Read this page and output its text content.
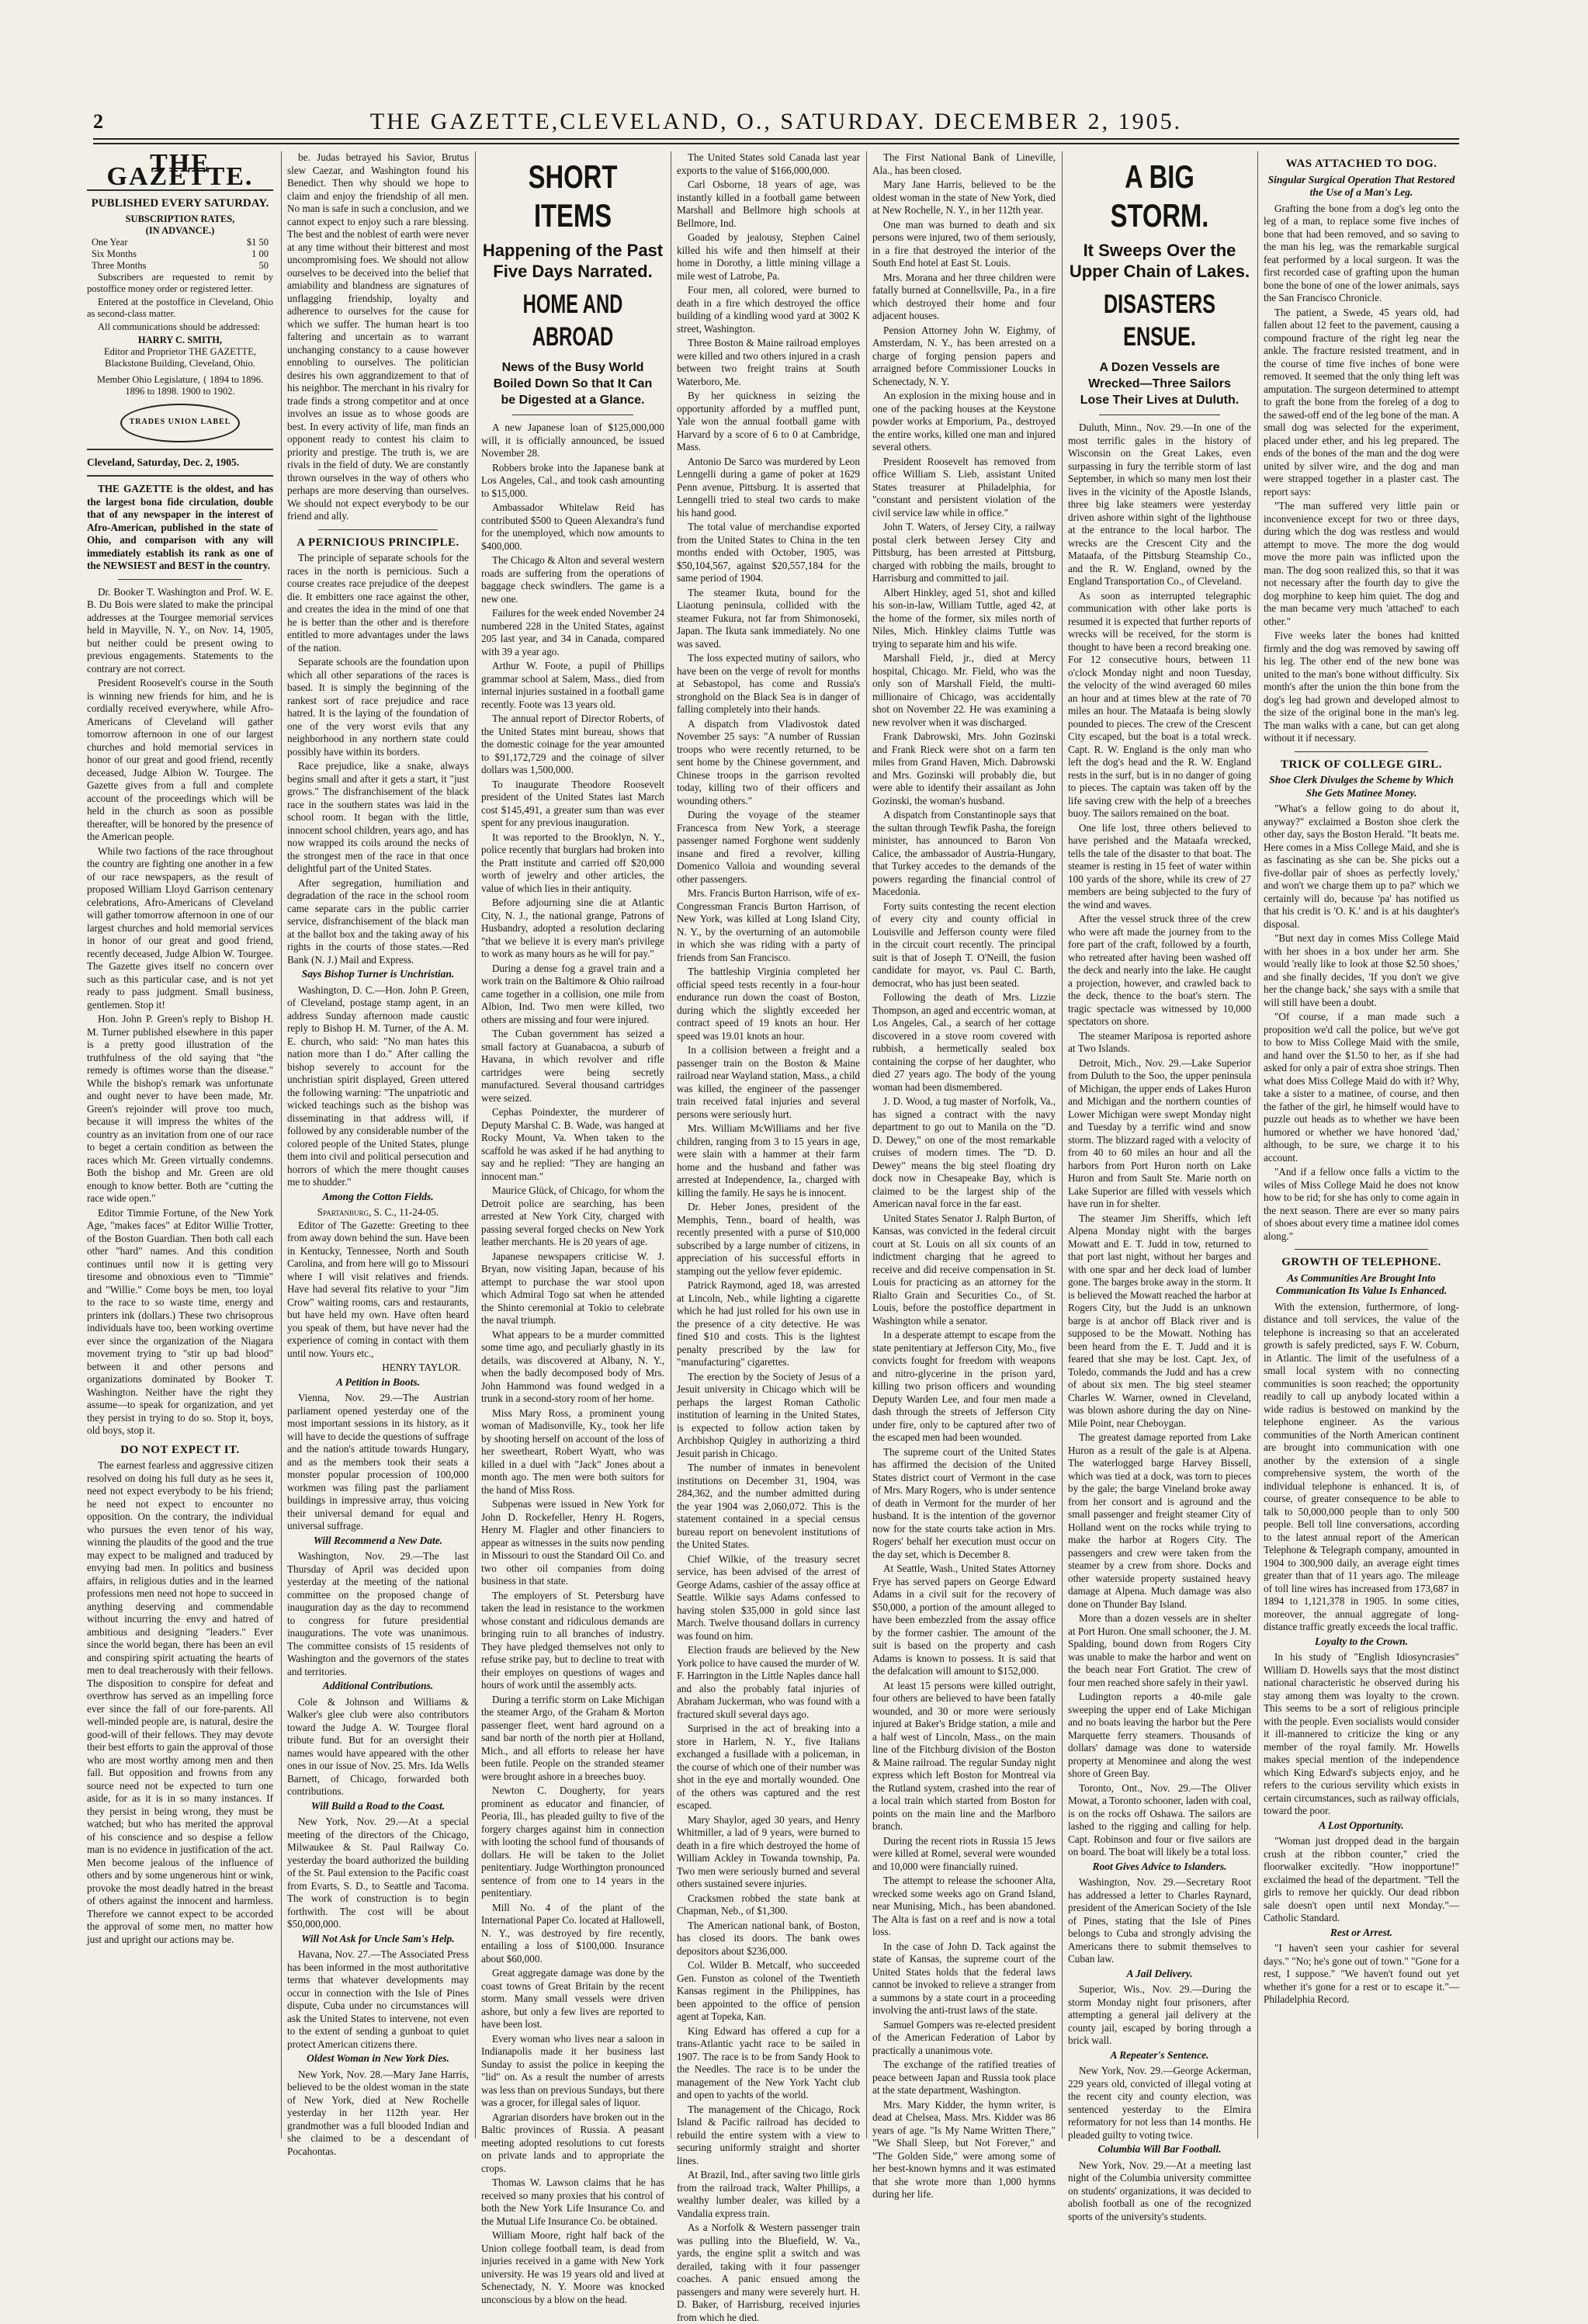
2	THE GAZETTE,CLEVELAND, O., SATURDAY. DECEMBER 2, 1905.
THE GAZETTE.
PUBLISHED EVERY SATURDAY.
SUBSCRIPTION RATES,
(IN ADVANCE.)
One Year	$1 50
Six Months	1 00
Three Months	50

Subscribers are requested to remit by postoffice money order or registered letter.

Entered at the postoffice in Cleveland, Ohio as second-class matter.

All communications should be addressed:

HARRY C. SMITH,
Editor and Proprietor THE GAZETTE,
Blackstone Building, Cleveland, Ohio.
Member Ohio Legislature, { 1894 to 1896. 1896 to 1898. 1900 to 1902.
TRADES UNION LABEL
Cleveland, Saturday, Dec. 2, 1905.

THE GAZETTE is the oldest, and has the largest bona fide circulation, double that of any newspaper in the interest of Afro-American, published in the state of Ohio, and comparison with any will immediately establish its rank as one of the NEWSIEST and BEST in the country.

Dr. Booker T. Washington and Prof. W. E. B. Du Bois were slated to make the principal addresses at the Tourgee memorial services held in Mayville, N. Y., on Nov. 14, 1905, but neither could be present owing to previous engagements. Statements to the contrary are not correct.

President Roosevelt's course in the South is winning new friends for him, and he is cordially received everywhere, while Afro-Americans of Cleveland will gather tomorrow afternoon in one of our largest churches and hold memorial services in honor of our great and good friend, recently deceased, Judge Albion W. Tourgee. The Gazette gives from a full and complete account of the proceedings which will be held in the church as soon as possible thereafter, will be honored by the presence of the American people.

While two factions of the race throughout the country are fighting one another in a few of our race newspapers, as the result of proposed William Lloyd Garrison centenary celebrations, Afro-Americans of Cleveland will gather tomorrow afternoon in one of our largest churches and hold memorial services in honor of our great and good friend, recently deceased, Judge Albion W. Tourgee. The Gazette gives itself no concern over such as this particular case, and is not yet ready to pass judgment. Small business, gentlemen. Stop it!

Hon. John P. Green's reply to Bishop H. M. Turner published elsewhere in this paper is a pretty good illustration of the truthfulness of the old saying that "the remedy is oftimes worse than the disease." While the bishop's remark was unfortunate and ought never to have been made, Mr. Green's rejoinder will prove too much, because it will impress the whites of the country as an invitation from one of our race to beget a certain condition as between the races which Mr. Green virtually condemns. Both the bishop and Mr. Green are old enough to know better. Both are "cutting the race wide open."

Editor Timmie Fortune, of the New York Age, "makes faces" at Editor Willie Trotter, of the Boston Guardian. Then both call each other "hard" names. And this condition continues until now it is getting very tiresome and obnoxious even to "Timmie" and "Willie." Come boys be men, too loyal to the race to so waste time, energy and printers ink (dollars.) These two chrisoprous individuals have too, been working overtime ever since the organization of the Niagara movement trying to "stir up bad blood" between it and other persons and organizations dominated by Booker T. Washington. Neither have the right they assume—to speak for organization, and yet they persist in trying to do so. Stop it, boys, old boys, stop it.

DO NOT EXPECT IT.

The earnest fearless and aggressive citizen resolved on doing his full duty as he sees it, need not expect everybody to be his friend; he need not expect to encounter no opposition. On the contrary, the individual who pursues the even tenor of his way, winning the plaudits of the good and the true may expect to be maligned and traduced by envying bad men. In politics and business affairs, in religious duties and in the learned professions men need not hope to succeed in anything deserving and commendable without incurring the envy and hatred of ambitious and designing "leaders." Ever since the world began, there has been an evil and conspiring spirit actuating the hearts of men to deal treacherously with their fellows. The disposition to conspire for defeat and overthrow has served as an impelling force ever since the fall of our fore-parents. All well-minded people are, is natural, desire the good-will of their fellows. They may devote their best efforts to gain the approval of those who are most worthy among men and then fall. But opposition and frowns from any source need not be expected to turn one aside, for as it is in so many instances. If they persist in being wrong, they must be watched; but who has merited the approval of his conscience and so despise a fellow man is no evidence in justification of the act. Men become jealous of the influence of others and by some ungenerous hint or wink, provoke the most deadly hatred in the breast of others against the innocent and harmless. Therefore we cannot expect to be accorded the approval of some men, no matter how just and upright our actions may be.

be. Judas betrayed his Savior, Brutus slew Caezar, and Washington found his Benedict. Then why should we hope to claim and enjoy the friendship of all men. No man is safe in such a conclusion, and we cannot expect to enjoy such a rare blessing. The best and the noblest of earth were never at any time without their bitterest and most uncompromising foes. We should not allow ourselves to be deceived into the belief that amiability and blandness are signatures of unflagging friendship, loyalty and adherence to ourselves for the cause for which we suffer. The human heart is too faltering and uncertain as to warrant unchanging constancy to a cause however ennobling to ourselves. The politician desires his own aggrandizement to that of his neighbor. The merchant in his rivalry for trade finds a strong competitor and at once involves an issue as to whose goods are best. In every activity of life, man finds an opponent ready to contest his claim to priority and prestige. The truth is, we are rivals in the field of duty. We are constantly thrown ourselves in the way of others who perhaps are more deserving than ourselves. We should not expect everybody to be our friend and ally.

A PERNICIOUS PRINCIPLE.

The principle of separate schools for the races in the north is pernicious. Such a course creates race prejudice of the deepest die. It embitters one race against the other, and creates the idea in the mind of one that he is better than the other and is therefore entitled to more advantages under the laws of the nation.

Separate schools are the foundation upon which all other separations of the races is based. It is simply the beginning of the rankest sort of race prejudice and race hatred. It is the laying of the foundation of one of the very worst evils that any neighborhood in any northern state could possibly have within its borders.

Race prejudice, like a snake, always begins small and after it gets a start, it "just grows." The disfranchisement of the black race in the southern states was laid in the school room. It began with the little, innocent school children, years ago, and has now wrapped its coils around the necks of the strongest men of the race in that once delightful part of the United States.

After segregation, humiliation and degradation of the race in the school room came separate cars in the public carrier service, disfranchisement of the black man at the ballot box and the taking away of his rights in the courts of those states.—Red Bank (N. J.) Mail and Express.

Says Bishop Turner is Unchristian.

Washington, D. C.—Hon. John P. Green, of Cleveland, postage stamp agent, in an address Sunday afternoon made caustic reply to Bishop H. M. Turner, of the A. M. E. church, who said: "No man hates this nation more than I do." After calling the bishop severely to account for the unchristian spirit displayed, Green uttered the following warning: "The unpatriotic and wicked teachings such as the bishop was disseminating in that address will, if followed by any considerable number of the colored people of the United States, plunge them into civil and political persecution and horrors of which the mere thought causes me to shudder."

Among the Cotton Fields.
Spartanburg, S. C., 11-24-05.

Editor of The Gazette: Greeting to thee from away down behind the sun. Have been in Kentucky, Tennessee, North and South Carolina, and from here will go to Missouri where I will visit relatives and friends. Have had several fits relative to your "Jim Crow" waiting rooms, cars and restaurants, but have held my own. Have often heard you speak of them, but have never had the experience of coming in contact with them until now. Yours etc.,

HENRY TAYLOR.
A Petition in Boots.

Vienna, Nov. 29.—The Austrian parliament opened yesterday one of the most important sessions in its history, as it will have to decide the questions of suffrage and the nation's attitude towards Hungary, and as the members took their seats a monster popular procession of 100,000 workmen was filing past the parliament buildings in impressive array, thus voicing their universal demand for equal and universal suffrage.

Will Recommend a New Date.

Washington, Nov. 29.—The last Thursday of April was decided upon yesterday at the meeting of the national committee on the proposed change of inauguration day as the day to recommend to congress for future presidential inaugurations. The vote was unanimous. The committee consists of 15 residents of Washington and the governors of the states and territories.

Additional Contributions.

Cole & Johnson and Williams & Walker's glee club were also contributors toward the Judge A. W. Tourgee floral tribute fund. But for an oversight their names would have appeared with the other ones in our issue of Nov. 25. Mrs. Ida Wells Barnett, of Chicago, forwarded both contributions.

Will Build a Road to the Coast.

New York, Nov. 29.—At a special meeting of the directors of the Chicago, Milwaukee & St. Paul Railway Co. yesterday the board authorized the building of the St. Paul extension to the Pacific coast from Evarts, S. D., to Seattle and Tacoma. The work of construction is to begin forthwith. The cost will be about $50,000,000.

Will Not Ask for Uncle Sam's Help.

Havana, Nov. 27.—The Associated Press has been informed in the most authoritative terms that whatever developments may occur in connection with the Isle of Pines dispute, Cuba under no circumstances will ask the United States to intervene, not even to the extent of sending a gunboat to quiet protect American citizens there.

Oldest Woman in New York Dies.

New York, Nov. 28.—Mary Jane Harris, believed to be the oldest woman in the state of New York, died at New Rochelle yesterday in her 112th year. Her grandmother was a full blooded Indian and she claimed to be a descendant of Pocahontas.

SHORT ITEMS
Happening of the Past Five Days Narrated.
HOME AND ABROAD
News of the Busy World Boiled Down So that It Can be Digested at a Glance.

A new Japanese loan of $125,000,000 will, it is officially announced, be issued November 28.

Robbers broke into the Japanese bank at Los Angeles, Cal., and took cash amounting to $15,000.

Ambassador Whitelaw Reid has contributed $500 to Queen Alexandra's fund for the unemployed, which now amounts to $400,000.

The Chicago & Alton and several western roads are suffering from the operations of baggage check swindlers. The game is a new one.

Failures for the week ended November 24 numbered 228 in the United States, against 205 last year, and 34 in Canada, compared with 39 a year ago.

Arthur W. Foote, a pupil of Phillips grammar school at Salem, Mass., died from internal injuries sustained in a football game recently. Foote was 13 years old.

The annual report of Director Roberts, of the United States mint bureau, shows that the domestic coinage for the year amounted to $91,172,729 and the coinage of silver dollars was 1,500,000.

To inaugurate Theodore Roosevelt president of the United States last March cost $145,491, a greater sum than was ever spent for any previous inauguration.

It was reported to the Brooklyn, N. Y., police recently that burglars had broken into the Pratt institute and carried off $20,000 worth of jewelry and other articles, the value of which lies in their antiquity.

Before adjourning sine die at Atlantic City, N. J., the national grange, Patrons of Husbandry, adopted a resolution declaring "that we believe it is every man's privilege to work as many hours as he will for pay."

During a dense fog a gravel train and a work train on the Baltimore & Ohio railroad came together in a collision, one mile from Albion, Ind. Two men were killed, two others are missing and four were injured.

The Cuban government has seized a small factory at Guanabacoa, a suburb of Havana, in which revolver and rifle cartridges were being secretly manufactured. Several thousand cartridges were seized.

Cephas Poindexter, the murderer of Deputy Marshal C. B. Wade, was hanged at Rocky Mount, Va. When taken to the scaffold he was asked if he had anything to say and he replied: "They are hanging an innocent man."

Maurice Glück, of Chicago, for whom the Detroit police are searching, has been arrested at New York City, charged with passing several forged checks on New York leather merchants. He is 20 years of age.

Japanese newspapers criticise W. J. Bryan, now visiting Japan, because of his attempt to purchase the war stool upon which Admiral Togo sat when he attended the Shinto ceremonial at Tokio to celebrate the naval triumph.

What appears to be a murder committed some time ago, and peculiarly ghastly in its details, was discovered at Albany, N. Y., when the badly decomposed body of Mrs. John Hammond was found wedged in a trunk in a second-story room of her home.

Miss Mary Ross, a prominent young woman of Madisonville, Ky., took her life by shooting herself on account of the loss of her sweetheart, Robert Wyatt, who was killed in a duel with "Jack" Jones about a month ago. The men were both suitors for the hand of Miss Ross.

Subpenas were issued in New York for John D. Rockefeller, Henry H. Rogers, Henry M. Flagler and other financiers to appear as witnesses in the suits now pending in Missouri to oust the Standard Oil Co. and two other oil companies from doing business in that state.

The employers of St. Petersburg have taken the lead in resistance to the workmen whose constant and ridiculous demands are bringing ruin to all branches of industry. They have pledged themselves not only to refuse strike pay, but to decline to treat with their employes on questions of wages and hours of work until the assembly acts.

During a terrific storm on Lake Michigan the steamer Argo, of the Graham & Morton passenger fleet, went hard aground on a sand bar north of the north pier at Holland, Mich., and all efforts to release her have been futile. People on the stranded steamer were brought ashore in a breeches buoy.

Newton C. Dougherty, for years prominent as educator and financier, of Peoria, Ill., has pleaded guilty to five of the forgery charges against him in connection with looting the school fund of thousands of dollars. He will be taken to the Joliet penitentiary. Judge Worthington pronounced sentence of from one to 14 years in the penitentiary.

Mill No. 4 of the plant of the International Paper Co. located at Hallowell, N. Y., was destroyed by fire recently, entailing a loss of $100,000. Insurance about $60,000.

Great aggregate damage was done by the coast towns of Great Britain by the recent storm. Many small vessels were driven ashore, but only a few lives are reported to have been lost.

Every woman who lives near a saloon in Indianapolis made it her business last Sunday to assist the police in keeping the "lid" on. As a result the number of arrests was less than on previous Sundays, but there was a grocer, for illegal sales of liquor.

Agrarian disorders have broken out in the Baltic provinces of Russia. A peasant meeting adopted resolutions to cut forests on private lands and to appropriate the crops.

Thomas W. Lawson claims that he has received so many proxies that his control of both the New York Life Insurance Co. and the Mutual Life Insurance Co. be obtained.

William Moore, right half back of the Union college football team, is dead from injuries received in a game with New York university. He was 19 years old and lived at Schenectady, N. Y. Moore was knocked unconscious by a blow on the head.

The United States sold Canada last year exports to the value of $166,000,000.

Carl Osborne, 18 years of age, was instantly killed in a football game between Marshall and Bellmore high schools at Bellmore, Ind.

Goaded by jealousy, Stephen Cainel killed his wife and then himself at their home in Dorothy, a little mining village a mile west of Latrobe, Pa.

Four men, all colored, were burned to death in a fire which destroyed the office building of a kindling wood yard at 3002 K street, Washington.

Three Boston & Maine railroad employes were killed and two others injured in a crash between two freight trains at South Waterboro, Me.

By her quickness in seizing the opportunity afforded by a muffled punt, Yale won the annual football game with Harvard by a score of 6 to 0 at Cambridge, Mass.

Antonio De Sarco was murdered by Leon Lenngelli during a game of poker at 1629 Penn avenue, Pittsburg. It is asserted that Lenngelli tried to steal two cards to make his hand good.

The total value of merchandise exported from the United States to China in the ten months ended with October, 1905, was $50,104,567, against $20,557,184 for the same period of 1904.

The steamer Ikuta, bound for the Liaotung peninsula, collided with the steamer Fukura, not far from Shimonoseki, Japan. The Ikuta sank immediately. No one was saved.

The loss expected mutiny of sailors, who have been on the verge of revolt for months at Sebastopol, has come and Russia's stronghold on the Black Sea is in danger of falling completely into their hands.

A dispatch from Vladivostok dated November 25 says: "A number of Russian troops who were recently returned, to be sent home by the Chinese government, and Chinese troops in the garrison revolted today, killing two of their officers and wounding others."

During the voyage of the steamer Francesca from New York, a steerage passenger named Forghone went suddenly insane and fired a revolver, killing Domenico Valloia and wounding several other passengers.

Mrs. Francis Burton Harrison, wife of ex-Congressman Francis Burton Harrison, of New York, was killed at Long Island City, N. Y., by the overturning of an automobile in which she was riding with a party of friends from San Francisco.

The battleship Virginia completed her official speed tests recently in a four-hour endurance run down the coast of Boston, during which the slightly exceeded her contract speed of 19 knots an hour. Her speed was 19.01 knots an hour.

In a collision between a freight and a passenger train on the Boston & Maine railroad near Wayland station, Mass., a child was killed, the engineer of the passenger train received fatal injuries and several persons were seriously hurt.

Mrs. William McWilliams and her five children, ranging from 3 to 15 years in age, were slain with a hammer at their farm home and the husband and father was arrested at Independence, Ia., charged with killing the family. He says he is innocent.

Dr. Heber Jones, president of the Memphis, Tenn., board of health, was recently presented with a purse of $10,000 subscribed by a large number of citizens, in appreciation of his successful efforts in stamping out the yellow fever epidemic.

Patrick Raymond, aged 18, was arrested at Lincoln, Neb., while lighting a cigarette which he had just rolled for his own use in the presence of a city detective. He was fined $10 and costs. This is the lightest penalty prescribed by the law for "manufacturing" cigarettes.

The erection by the Society of Jesus of a Jesuit university in Chicago which will be perhaps the largest Roman Catholic institution of learning in the United States, is expected to follow action taken by Archbishop Quigley in authorizing a third Jesuit parish in Chicago.

The number of inmates in benevolent institutions on December 31, 1904, was 284,362, and the number admitted during the year 1904 was 2,060,072. This is the statement contained in a special census bureau report on benevolent institutions of the United States.

Chief Wilkie, of the treasury secret service, has been advised of the arrest of George Adams, cashier of the assay office at Seattle. Wilkie says Adams confessed to having stolen $35,000 in gold since last March. Twelve thousand dollars in currency was found on him.

Election frauds are believed by the New York police to have caused the murder of W. F. Harrington in the Little Naples dance hall and also the probably fatal injuries of Abraham Juckerman, who was found with a fractured skull several days ago.

Surprised in the act of breaking into a store in Harlem, N. Y., five Italians exchanged a fusillade with a policeman, in the course of which one of their number was shot in the eye and mortally wounded. One of the others was captured and the rest escaped.

Mary Shaylor, aged 30 years, and Henry Whitmiller, a lad of 9 years, were burned to death in a fire which destroyed the home of William Ackley in Towanda township, Pa. Two men were seriously burned and several others sustained severe injuries.

Cracksmen robbed the state bank at Chapman, Neb., of $1,300.

The American national bank, of Boston, has closed its doors. The bank owes depositors about $236,000.

Col. Wilder B. Metcalf, who succeeded Gen. Funston as colonel of the Twentieth Kansas regiment in the Philippines, has been appointed to the office of pension agent at Topeka, Kan.

King Edward has offered a cup for a trans-Atlantic yacht race to be sailed in 1907. The race is to be from Sandy Hook to the Needles. The race is to be under the management of the New York Yacht club and open to yachts of the world.

The management of the Chicago, Rock Island & Pacific railroad has decided to rebuild the entire system with a view to securing uniformly straight and shorter lines.

At Brazil, Ind., after saving two little girls from the railroad track, Walter Phillips, a wealthy lumber dealer, was killed by a Vandalia express train.

As a Norfolk & Western passenger train was pulling into the Bluefield, W. Va., yards, the engine split a switch and was derailed, taking with it four passenger coaches. A panic ensued among the passengers and many were severely hurt. H. D. Baker, of Harrisburg, received injuries from which he died.

The First National Bank of Lineville, Ala., has been closed.

Mary Jane Harris, believed to be the oldest woman in the state of New York, died at New Rochelle, N. Y., in her 112th year.

One man was burned to death and six persons were injured, two of them seriously, in a fire that destroyed the interior of the South End hotel at East St. Louis.

Mrs. Morana and her three children were fatally burned at Connellsville, Pa., in a fire which destroyed their home and four adjacent houses.

Pension Attorney John W. Eighmy, of Amsterdam, N. Y., has been arrested on a charge of forging pension papers and arraigned before Commissioner Loucks in Schenectady, N. Y.

An explosion in the mixing house and in one of the packing houses at the Keystone powder works at Emporium, Pa., destroyed the entire works, killed one man and injured several others.

President Roosevelt has removed from office William S. Lieb, assistant United States treasurer at Philadelphia, for "constant and persistent violation of the civil service law while in office."

John T. Waters, of Jersey City, a railway postal clerk between Jersey City and Pittsburg, has been arrested at Pittsburg, charged with robbing the mails, brought to Harrisburg and committed to jail.

Albert Hinkley, aged 51, shot and killed his son-in-law, William Tuttle, aged 42, at the home of the former, six miles north of Niles, Mich. Hinkley claims Tuttle was trying to separate him and his wife.

Marshall Field, jr., died at Mercy hospital, Chicago. Mr. Field, who was the only son of Marshall Field, the multi-millionaire of Chicago, was accidentally shot on November 22. He was examining a new revolver when it was discharged.

Frank Dabrowski, Mrs. John Gozinski and Frank Rieck were shot on a farm ten miles from Grand Haven, Mich. Dabrowski and Mrs. Gozinski will probably die, but were able to identify their assailant as John Gozinski, the woman's husband.

A dispatch from Constantinople says that the sultan through Tewfik Pasha, the foreign minister, has announced to Baron Von Calice, the ambassador of Austria-Hungary, that Turkey accedes to the demands of the powers regarding the financial control of Macedonia.

Forty suits contesting the recent election of every city and county official in Louisville and Jefferson county were filed in the circuit court recently. The principal suit is that of Joseph T. O'Neill, the fusion candidate for mayor, vs. Paul C. Barth, democrat, who has just been seated.

Following the death of Mrs. Lizzie Thompson, an aged and eccentric woman, at Los Angeles, Cal., a search of her cottage discovered in a stove room covered with rubbish, a hermetically sealed box containing the corpse of her daughter, who died 27 years ago. The body of the young woman had been dismembered.

J. D. Wood, a tug master of Norfolk, Va., has signed a contract with the navy department to go out to Manila on the "D. D. Dewey," on one of the most remarkable cruises of modern times. The "D. D. Dewey" means the big steel floating dry dock now in Chesapeake Bay, which is claimed to be the largest ship of the American naval force in the far east.

United States Senator J. Ralph Burton, of Kansas, was convicted in the federal circuit court at St. Louis on all six counts of an indictment charging that he agreed to receive and did receive compensation in St. Louis for practicing as an attorney for the Rialto Grain and Securities Co., of St. Louis, before the postoffice department in Washington while a senator.

In a desperate attempt to escape from the state penitentiary at Jefferson City, Mo., five convicts fought for freedom with weapons and nitro-glycerine in the prison yard, killing two prison officers and wounding Deputy Warden Lee, and four men made a dash through the streets of Jefferson City under fire, only to be captured after two of the escaped men had been wounded.

The supreme court of the United States has affirmed the decision of the United States district court of Vermont in the case of Mrs. Mary Rogers, who is under sentence of death in Vermont for the murder of her husband. It is the intention of the governor now for the state courts take action in Mrs. Rogers' behalf her execution must occur on the day set, which is December 8.

At Seattle, Wash., United States Attorney Frye has served papers on George Edward Adams in a civil suit for the recovery of $50,000, a portion of the amount alleged to have been embezzled from the assay office by the former cashier. The amount of the suit is based on the property and cash Adams is known to possess. It is said that the defalcation will amount to $152,000.

At least 15 persons were killed outright, four others are believed to have been fatally wounded, and 30 or more were seriously injured at Baker's Bridge station, a mile and a half west of Lincoln, Mass., on the main line of the Fitchburg division of the Boston & Maine railroad. The regular Sunday night express which left Boston for Montreal via the Rutland system, crashed into the rear of a local train which started from Boston for points on the main line and the Marlboro branch.

During the recent riots in Russia 15 Jews were killed at Romel, several were wounded and 10,000 were financially ruined.

The attempt to release the schooner Alta, wrecked some weeks ago on Grand Island, near Munising, Mich., has been abandoned. The Alta is fast on a reef and is now a total loss.

In the case of John D. Tack against the state of Kansas, the supreme court of the United States holds that the federal laws cannot be invoked to relieve a stranger from a summons by a state court in a proceeding involving the anti-trust laws of the state.

Samuel Gompers was re-elected president of the American Federation of Labor by practically a unanimous vote.

The exchange of the ratified treaties of peace between Japan and Russia took place at the state department, Washington.

Mrs. Mary Kidder, the hymn writer, is dead at Chelsea, Mass. Mrs. Kidder was 86 years of age. "Is My Name Written There," "We Shall Sleep, but Not Forever," and "The Golden Side," were among some of her best-known hymns and it was estimated that she wrote more than 1,000 hymns during her life.

A BIG STORM.
It Sweeps Over the Upper Chain of Lakes.
DISASTERS ENSUE.
A Dozen Vessels are Wrecked—Three Sailors Lose Their Lives at Duluth.

Duluth, Minn., Nov. 29.—In one of the most terrific gales in the history of Wisconsin on the Great Lakes, even surpassing in fury the terrible storm of last September, in which so many men lost their lives in the vicinity of the Apostle Islands, three big lake steamers were yesterday driven ashore within sight of the lighthouse at the entrance to the local harbor. The wrecks are the Crescent City and the Mataafa, of the Pittsburg Steamship Co., and the R. W. England, owned by the England Transportation Co., of Cleveland.

As soon as interrupted telegraphic communication with other lake ports is resumed it is expected that further reports of wrecks will be received, for the storm is thought to have been a record breaking one. For 12 consecutive hours, between 11 o'clock Monday night and noon Tuesday, the velocity of the wind averaged 60 miles an hour and at times blew at the rate of 70 miles an hour. The Mataafa is being slowly pounded to pieces. The crew of the Crescent City escaped, but the boat is a total wreck. Capt. R. W. England is the only man who left the dog's head and the R. W. England rests in the surf, but is in no danger of going to pieces. The captain was taken off by the life saving crew with the help of a breeches buoy. The sailors remained on the boat.

One life lost, three others believed to have perished and the Mataafa wrecked, tells the tale of the disaster to that boat. The steamer is resting in 15 feet of water within 100 yards of the shore, while its crew of 27 members are being subjected to the fury of the wind and waves.

After the vessel struck three of the crew who were aft made the journey from to the fore part of the craft, followed by a fourth, who retreated after having been washed off the deck and nearly into the lake. He caught a projection, however, and crawled back to the deck, thence to the boat's stern. The tragic spectacle was witnessed by 10,000 spectators on shore.

The steamer Mariposa is reported ashore at Two Islands.

Detroit, Mich., Nov. 29.—Lake Superior from Duluth to the Soo, the upper peninsula of Michigan, the upper ends of Lakes Huron and Michigan and the northern counties of Lower Michigan were swept Monday night and Tuesday by a terrific wind and snow storm. The blizzard raged with a velocity of from 40 to 60 miles an hour and all the harbors from Port Huron north on Lake Huron and from Sault Ste. Marie north on Lake Superior are filled with vessels which have run in for shelter.

The steamer Jim Sheriffs, which left Alpena Monday night with the barges Mowatt and E. T. Judd in tow, returned to that port last night, without her barges and with one spar and her deck load of lumber gone. The barges broke away in the storm. It is believed the Mowatt reached the harbor at Rogers City, but the Judd is an unknown barge is at anchor off Black river and is supposed to be the Mowatt. Nothing has been heard from the E. T. Judd and it is feared that she may be lost. Capt. Jex, of Toledo, commands the Judd and has a crew of about six men. The big steel steamer Charles W. Warner, owned in Cleveland, was blown ashore during the day on Nine-Mile Point, near Cheboygan.

The greatest damage reported from Lake Huron as a result of the gale is at Alpena. The waterlogged barge Harvey Bissell, which was tied at a dock, was torn to pieces by the gale; the barge Vineland broke away from her consort and is aground and the small passenger and freight steamer City of Holland went on the rocks while trying to make the harbor at Rogers City. The passengers and crew were taken from the steamer by a crew from shore. Docks and other waterside property sustained heavy damage at Alpena. Much damage was also done on Thunder Bay Island.

More than a dozen vessels are in shelter at Port Huron. One small schooner, the J. M. Spalding, bound down from Rogers City was unable to make the harbor and went on the beach near Fort Gratiot. The crew of four men reached shore safely in their yawl.

Ludington reports a 40-mile gale sweeping the upper end of Lake Michigan and no boats leaving the harbor but the Pere Marquette ferry steamers. Thousands of dollars' damage was done to waterside property at Menominee and along the west shore of Green Bay.

Toronto, Ont., Nov. 29.—The Oliver Mowat, a Toronto schooner, laden with coal, is on the rocks off Oshawa. The sailors are lashed to the rigging and calling for help. Capt. Robinson and four or five sailors are on board. The boat will likely be a total loss.

Root Gives Advice to Islanders.

Washington, Nov. 29.—Secretary Root has addressed a letter to Charles Raynard, president of the American Society of the Isle of Pines, stating that the Isle of Pines belongs to Cuba and strongly advising the Americans there to submit themselves to Cuban law.

A Jail Delivery.

Superior, Wis., Nov. 29.—During the storm Monday night four prisoners, after attempting a general jail delivery at the county jail, escaped by boring through a brick wall.

A Repeater's Sentence.

New York, Nov. 29.—George Ackerman, 229 years old, convicted of illegal voting at the recent city and county election, was sentenced yesterday to the Elmira reformatory for not less than 14 months. He pleaded guilty to voting twice.

Columbia Will Bar Football.

New York, Nov. 29.—At a meeting last night of the Columbia university committee on students' organizations, it was decided to abolish football as one of the recognized sports of the university's students.

WAS ATTACHED TO DOG.
Singular Surgical Operation That Restored the Use of a Man's Leg.

Grafting the bone from a dog's leg onto the leg of a man, to replace some five inches of bone that had been removed, and so saving to the man his leg, was the remarkable surgical feat performed by a local surgeon. It was the first recorded case of grafting upon the human bone the bone of one of the lower animals, says the San Francisco Chronicle.

The patient, a Swede, 45 years old, had fallen about 12 feet to the pavement, causing a compound fracture of the right leg near the ankle. The fracture resisted treatment, and in the course of time five inches of bone were removed. It seemed that the only thing left was amputation. The surgeon determined to attempt to graft the bone from the foreleg of a dog to the sawed-off end of the leg bone of the man. A small dog was selected for the experiment, placed under ether, and his leg prepared. The ends of the bones of the man and the dog were united by silver wire, and the dog and man were strapped together in a plaster cast. The report says:

"The man suffered very little pain or inconvenience except for two or three days, during which the dog was restless and would attempt to move. The more the dog would move the more pain was inflicted upon the man. The dog soon realized this, so that it was not necessary after the fourth day to give the dog morphine to keep him quiet. The dog and the man became very much 'attached' to each other."

Five weeks later the bones had knitted firmly and the dog was removed by sawing off his leg. The other end of the new bone was united to the man's bone without difficulty. Six month's after the union the thin bone from the dog's leg had grown and developed almost to the size of the original bone in the man's leg. The man walks with a cane, but can get along without it if necessary.

TRICK OF COLLEGE GIRL.
Shoe Clerk Divulges the Scheme by Which She Gets Matinee Money.

"What's a fellow going to do about it, anyway?" exclaimed a Boston shoe clerk the other day, says the Boston Herald. "It beats me. Here comes in a Miss College Maid, and she is as fascinating as she can be. She picks out a five-dollar pair of shoes as perfectly lovely,' and won't we charge them up to pa?' which we certainly will do, because 'pa' has notified us that his credit is 'O. K.' and is at his daughter's disposal.

"But next day in comes Miss College Maid with her shoes in a box under her arm. She would 'really like to look at those $2.50 shoes,' and she finally decides, 'If you don't we give her the change back,' she says with a smile that will still have been a doubt.

"Of course, if a man made such a proposition we'd call the police, but we've got to bow to Miss College Maid with the smile, and hand over the $1.50 to her, as if she had asked for only a pair of extra shoe strings. Then what does Miss College Maid do with it? Why, take a sister to a matinee, of course, and then the father of the girl, he himself would have to puzzle out heads as to whether we have been humored or whether we have honored 'dad,' although, to be sure, we charge it to his account.

"And if a fellow once falls a victim to the wiles of Miss College Maid he does not know how to be rid; for she has only to come again in the next season. There are ever so many pairs of shoes about every time a matinee idol comes along."

GROWTH OF TELEPHONE.
As Communities Are Brought Into Communication Its Value Is Enhanced.

With the extension, furthermore, of long-distance and toll services, the value of the telephone is increasing so that an accelerated growth is safely predicted, says F. W. Coburn, in Atlantic. The limit of the usefulness of a small local system with no connecting communities is soon reached; the opportunity readily to call up anybody located within a wide radius is bestowed on mankind by the telephone engineer. As the various communities of the North American continent are brought into communication with one another by the extension of a single comprehensive system, the worth of the individual telephone is enhanced. It is, of course, of greater consequence to be able to talk to 50,000,000 people than to only 500 people. Bell toll line conversations, according to the latest annual report of the American Telephone & Telegraph company, amounted in 1904 to 300,900 daily, an average eight times greater than that of 11 years ago. The mileage of toll line wires has increased from 173,687 in 1894 to 1,121,378 in 1905. In some cities, moreover, the annual aggregate of long-distance traffic greatly exceeds the local traffic.

Loyalty to the Crown.

In his study of "English Idiosyncrasies" William D. Howells says that the most distinct national characteristic he observed during his stay among them was loyalty to the crown. This seems to be a sort of religious principle with the people. Even socialists would consider it ill-mannered to criticize the king or any member of the royal family. Mr. Howells makes special mention of the independence which King Edward's subjects enjoy, and he refers to the curious servility which exists in certain circumstances, such as railway officials, toward the poor.

A Lost Opportunity.

"Woman just dropped dead in the bargain crush at the ribbon counter," cried the floorwalker excitedly. "How inopportune!" exclaimed the head of the department. "Tell the girls to remove her quickly. Our dead ribbon sale doesn't open until next Monday."—Catholic Standard.

Rest or Arrest.

"I haven't seen your cashier for several days." "No; he's gone out of town." "Gone for a rest, I suppose." "We haven't found out yet whether it's gone for a rest or to escape it."—Philadelphia Record.
